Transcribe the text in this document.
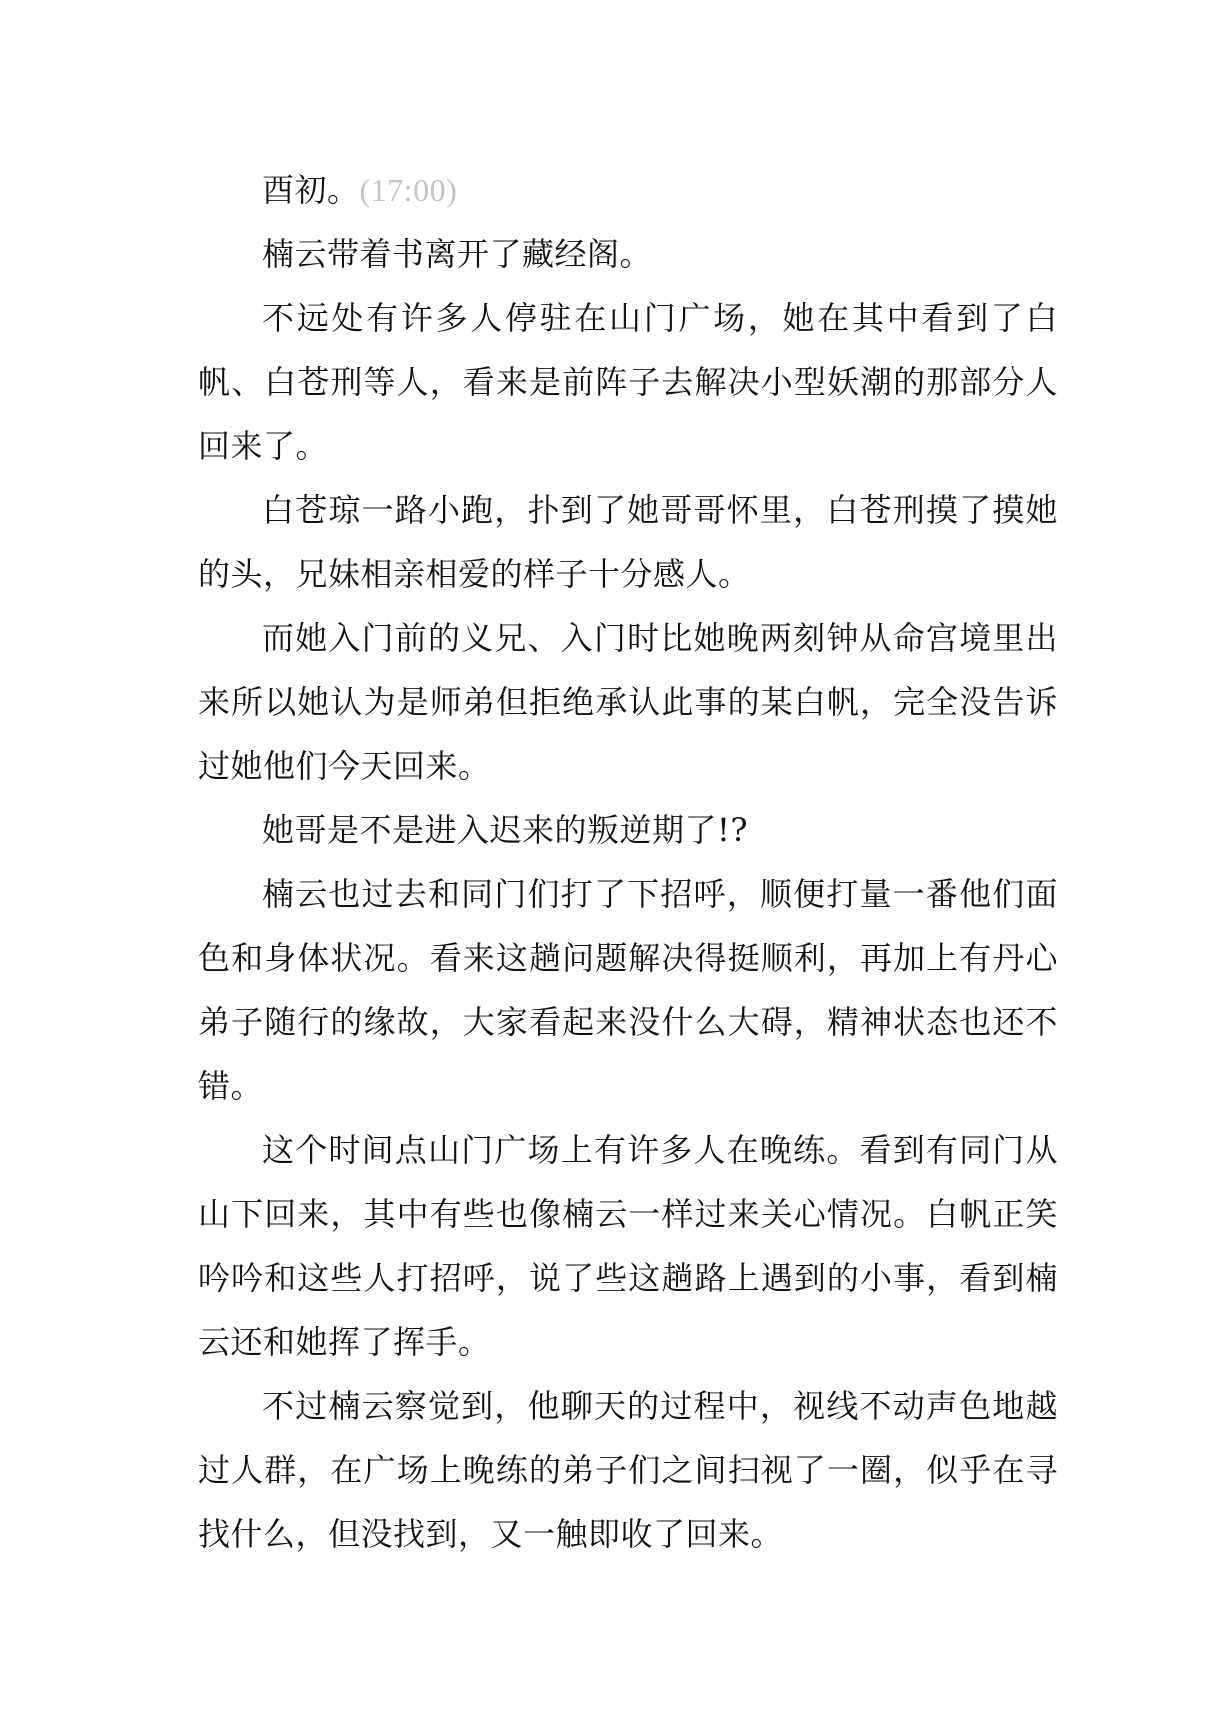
酉初。(17:00)

楠云带着书离开了藏经阁。

不远处有许多人停驻在山门广场，她在其中看到了白帆、白苍刑等人，看来是前阵子去解决小型妖潮的那部分人回来了。

白苍琼一路小跑，扑到了她哥哥怀里，白苍刑摸了摸她的头，兄妹相亲相爱的样子十分感人。

而她入门前的义兄、入门时比她晚两刻钟从命宫境里出来所以她认为是师弟但拒绝承认此事的某白帆，完全没告诉过她他们今天回来。

她哥是不是进入迟来的叛逆期了!?

楠云也过去和同门们打了下招呼，顺便打量一番他们面色和身体状况。看来这趟问题解决得挺顺利，再加上有丹心弟子随行的缘故，大家看起来没什么大碍，精神状态也还不错。

这个时间点山门广场上有许多人在晚练。看到有同门从山下回来，其中有些也像楠云一样过来关心情况。白帆正笑吟吟和这些人打招呼，说了些这趟路上遇到的小事，看到楠云还和她挥了挥手。

不过楠云察觉到，他聊天的过程中，视线不动声色地越过人群，在广场上晚练的弟子们之间扫视了一圈，似乎在寻找什么，但没找到，又一触即收了回来。
